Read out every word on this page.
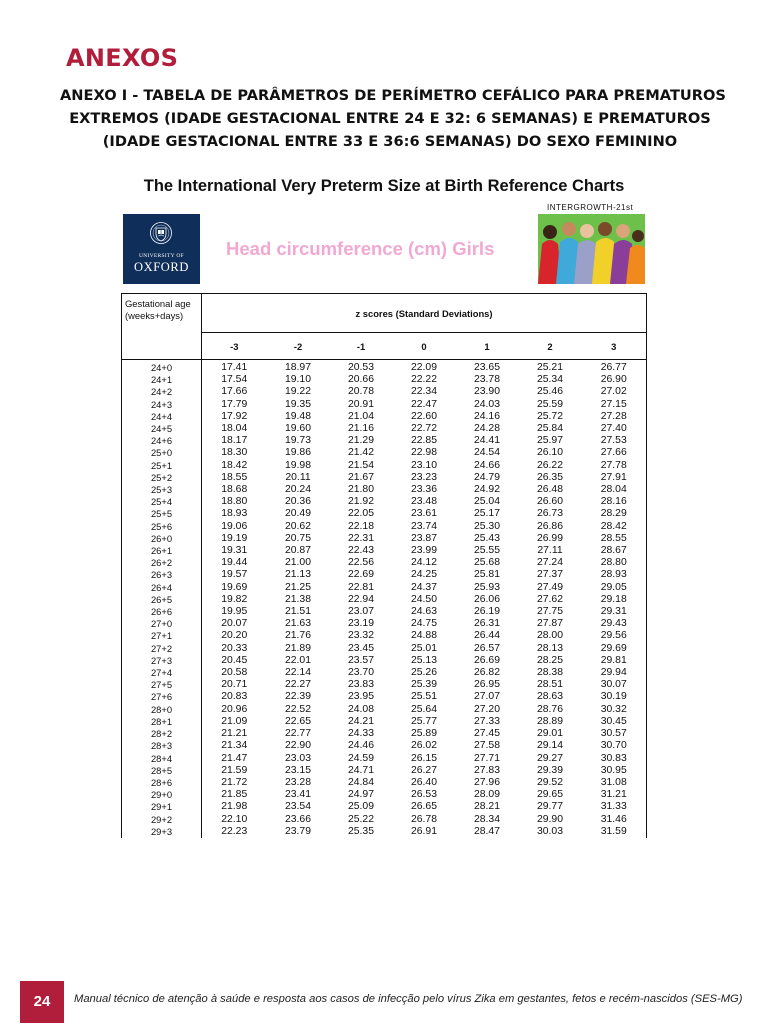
ANEXOS
ANEXO I - TABELA DE PARÂMETROS DE PERÍMETRO CEFÁLICO PARA PREMATUROS
EXTREMOS (IDADE GESTACIONAL ENTRE 24 E 32: 6 SEMANAS) E PREMATUROS
(IDADE GESTACIONAL ENTRE 33 E 36:6 SEMANAS) DO SEXO FEMININO
The International Very Preterm Size at Birth Reference Charts
UNIVERSITY OF
OXFORD
INTERGROWTH-21st
Head circumference (cm) Girls
Gestational age
(weeks+days)	z scores (Standard Deviations)						
	-3	-2	-1	0	1	2	3
24+0	17.41	18.97	20.53	22.09	23.65	25.21	26.77
24+1	17.54	19.10	20.66	22.22	23.78	25.34	26.90
24+2	17.66	19.22	20.78	22.34	23.90	25.46	27.02
24+3	17.79	19.35	20.91	22.47	24.03	25.59	27.15
24+4	17.92	19.48	21.04	22.60	24.16	25.72	27.28
24+5	18.04	19.60	21.16	22.72	24.28	25.84	27.40
24+6	18.17	19.73	21.29	22.85	24.41	25.97	27.53
25+0	18.30	19.86	21.42	22.98	24.54	26.10	27.66
25+1	18.42	19.98	21.54	23.10	24.66	26.22	27.78
25+2	18.55	20.11	21.67	23.23	24.79	26.35	27.91
25+3	18.68	20.24	21.80	23.36	24.92	26.48	28.04
25+4	18.80	20.36	21.92	23.48	25.04	26.60	28.16
25+5	18.93	20.49	22.05	23.61	25.17	26.73	28.29
25+6	19.06	20.62	22.18	23.74	25.30	26.86	28.42
26+0	19.19	20.75	22.31	23.87	25.43	26.99	28.55
26+1	19.31	20.87	22.43	23.99	25.55	27.11	28.67
26+2	19.44	21.00	22.56	24.12	25.68	27.24	28.80
26+3	19.57	21.13	22.69	24.25	25.81	27.37	28.93
26+4	19.69	21.25	22.81	24.37	25.93	27.49	29.05
26+5	19.82	21.38	22.94	24.50	26.06	27.62	29.18
26+6	19.95	21.51	23.07	24.63	26.19	27.75	29.31
27+0	20.07	21.63	23.19	24.75	26.31	27.87	29.43
27+1	20.20	21.76	23.32	24.88	26.44	28.00	29.56
27+2	20.33	21.89	23.45	25.01	26.57	28.13	29.69
27+3	20.45	22.01	23.57	25.13	26.69	28.25	29.81
27+4	20.58	22.14	23.70	25.26	26.82	28.38	29.94
27+5	20.71	22.27	23.83	25.39	26.95	28.51	30.07
27+6	20.83	22.39	23.95	25.51	27.07	28.63	30.19
28+0	20.96	22.52	24.08	25.64	27.20	28.76	30.32
28+1	21.09	22.65	24.21	25.77	27.33	28.89	30.45
28+2	21.21	22.77	24.33	25.89	27.45	29.01	30.57
28+3	21.34	22.90	24.46	26.02	27.58	29.14	30.70
28+4	21.47	23.03	24.59	26.15	27.71	29.27	30.83
28+5	21.59	23.15	24.71	26.27	27.83	29.39	30.95
28+6	21.72	23.28	24.84	26.40	27.96	29.52	31.08
29+0	21.85	23.41	24.97	26.53	28.09	29.65	31.21
29+1	21.98	23.54	25.09	26.65	28.21	29.77	31.33
29+2	22.10	23.66	25.22	26.78	28.34	29.90	31.46
29+3	22.23	23.79	25.35	26.91	28.47	30.03	31.59
24	Manual técnico de atenção à saúde e resposta aos casos de infecção pelo vírus Zika em gestantes, fetos e recém-nascidos (SES-MG)
